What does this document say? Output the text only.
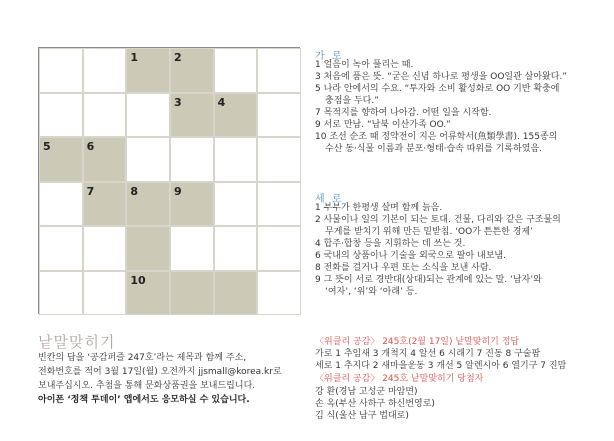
1	2
3	4
5	6
7	8	9
10
가 로
1 얼음이 녹아 풀리는 때.
3 처음에 품은 뜻. “굳은 신념 하나로 평생을 OO일관 살아왔다.”
5 나라 안에서의 수요. “투자와 소비 활성화로 OO 기반 확충에
충점을 두다.”
7 목적지를 향하여 나아감. 어떤 일을 시작함.
9 서로 만남. “남북 이산가족 OO.”
10 조선 순조 때 정약전이 지은 어류학서(魚類學書). 155종의
수산 동·식물 이름과 분포·형태·습속 따위를 기록하였음.
세 로
1 부부가 한평생 살며 함께 늙음.
2 사물이나 일의 기본이 되는 토대. 건물, 다리와 같은 구조물의
무게를 받치기 위해 만든 밑받침. ‘OO가 튼튼한 경제’
4 합주·합창 등을 지휘하는 데 쓰는 것.
6 국내의 상품이나 기술을 외국으로 팔아 내보냄.
8 전화를 걸거나 우편 또는 소식을 보낸 사람.
9 그 뜻이 서로 경반대(상대)되는 관계에 있는 말. ‘남자’와
‘여자’, ‘위’와 ‘아래’ 등.
낱말맞히기
빈칸의 답을 ‘공감퍼즐 247호’라는 제목과 함께 주소,
전화번호를 적어 3월 17일(월) 오전까지 jjsmall@korea.kr로
보내주십시오. 추첨을 통해 문화상품권을 보내드립니다.
아이폰 ‘정책 투데이’ 앱에서도 응모하실 수 있습니다.
〈위클리 공감〉 245호(2월 17일) 낱말맞히기 정답
가로 1 추임새 3 개척지 4 알선 6 시래기 7 진동 8 구술팜
세로 1 추지다 2 새마을운동 3 개선 5 알렌시아 6 열기구 7 진맘
〈위클리 공감〉 245호 낱말맞히기 당첨자
강 환(경남 고성군 마암면)
손 옥(부산 사하구 하신번영로)
김 식(울산 남구 법대로)
